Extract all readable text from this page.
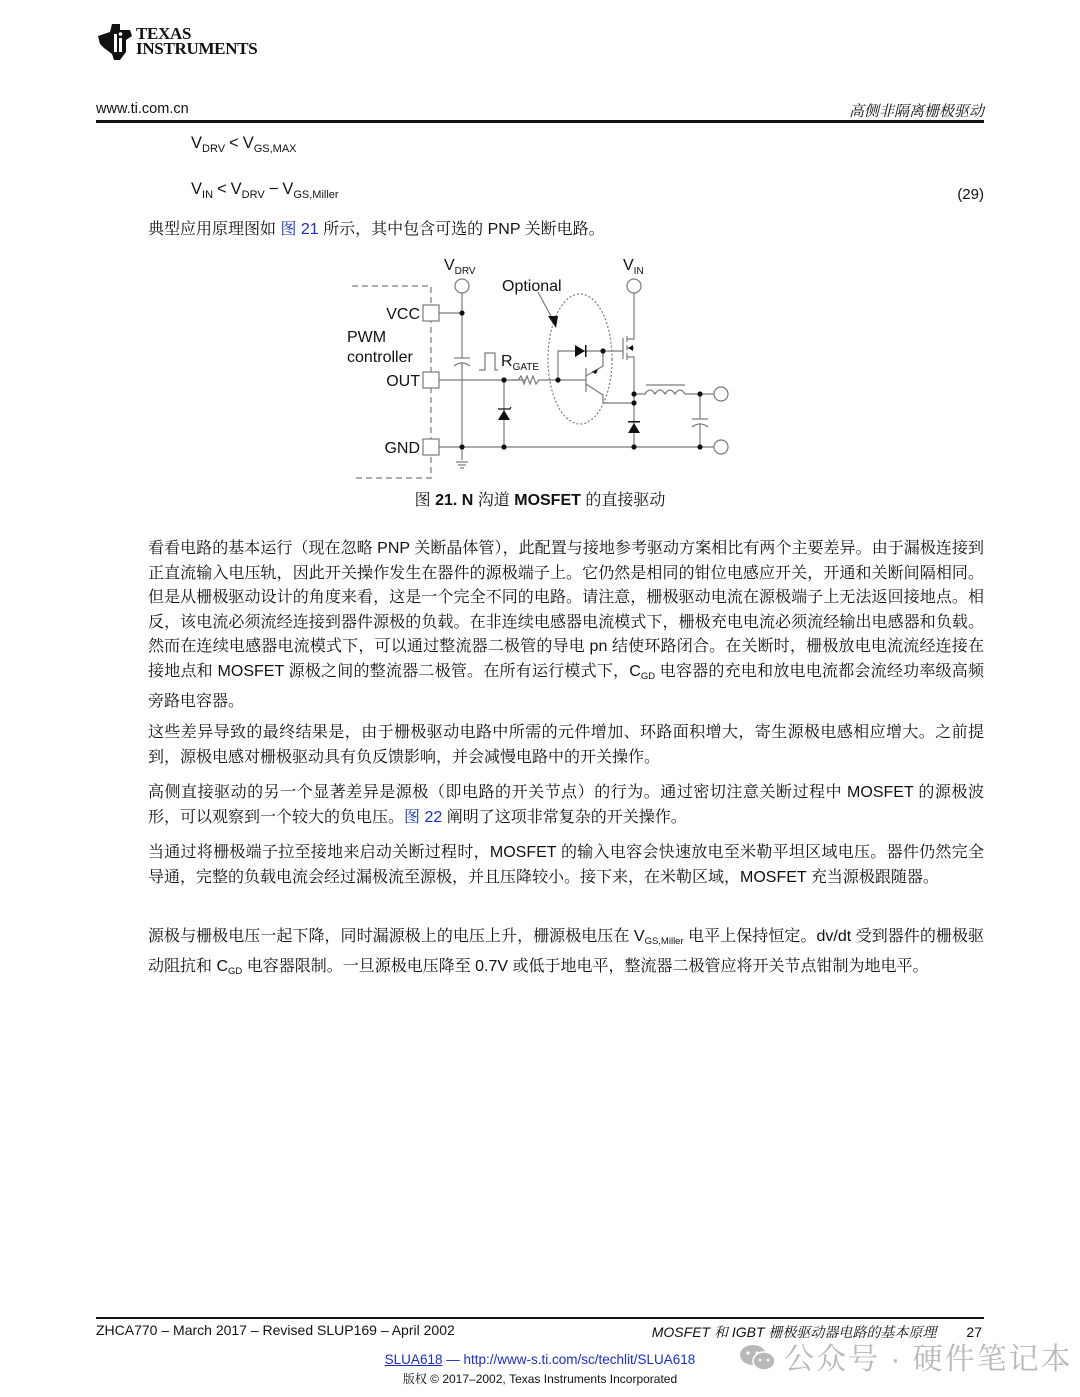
TEXAS
INSTRUMENTS
www.ti.com.cn	高侧非隔离栅极驱动
$V_{DRV} < V_{GS,MAX}$
$V_{IN} < V_{DRV} - V_{GS,Miller}$	(29)
典型应用原理图如 图 21 所示，其中包含可选的 PNP 关断电路。
$V_{DRV}$	$V_{IN}$
Optional
VCC
PWM
controller
OUT
GND
$R_{GATE}$
图 21. N 沟道 MOSFET 的直接驱动
看看电路的基本运行（现在忽略 PNP 关断晶体管），此配置与接地参考驱动方案相比有两个主要差异。由于漏极连接到正直流输入电压轨，因此开关操作发生在器件的源极端子上。它仍然是相同的钳位电感应开关，开通和关断间隔相同。但是从栅极驱动设计的角度来看，这是一个完全不同的电路。请注意，栅极驱动电流在源极端子上无法返回接地点。相反，该电流必须流经连接到器件源极的负载。在非连续电感器电流模式下，栅极充电电流必须流经输出电感器和负载。然而在连续电感器电流模式下，可以通过整流器二极管的导电 pn 结使环路闭合。在关断时，栅极放电电流流经连接在接地点和 MOSFET 源极之间的整流器二极管。在所有运行模式下，$C_{GD}$ 电容器的充电和放电电流都会流经功率级高频旁路电容器。
这些差异导致的最终结果是，由于栅极驱动电路中所需的元件增加、环路面积增大，寄生源极电感相应增大。之前提到，源极电感对栅极驱动具有负反馈影响，并会减慢电路中的开关操作。
高侧直接驱动的另一个显著差异是源极（即电路的开关节点）的行为。通过密切注意关断过程中 MOSFET 的源极波形，可以观察到一个较大的负电压。图 22 阐明了这项非常复杂的开关操作。
当通过将栅极端子拉至接地来启动关断过程时，MOSFET 的输入电容会快速放电至米勒平坦区域电压。器件仍然完全导通，完整的负载电流会经过漏极流至源极，并且压降较小。接下来，在米勒区域，MOSFET 充当源极跟随器。
源极与栅极电压一起下降，同时漏源极上的电压上升，栅源极电压在 $V_{GS,Miller}$ 电平上保持恒定。dv/dt 受到器件的栅极驱动阻抗和 $C_{GD}$ 电容器限制。一旦源极电压降至 0.7V 或低于地电平，整流器二极管应将开关节点钳制为地电平。
ZHCA770 – March 2017 – Revised SLUP169 – April 2002	MOSFET 和 IGBT 栅极驱动器电路的基本原理 27
SLUA618 — http://www-s.ti.com/sc/techlit/SLUA618
版权 © 2017–2002, Texas Instruments Incorporated
公众号 · 硬件笔记本
